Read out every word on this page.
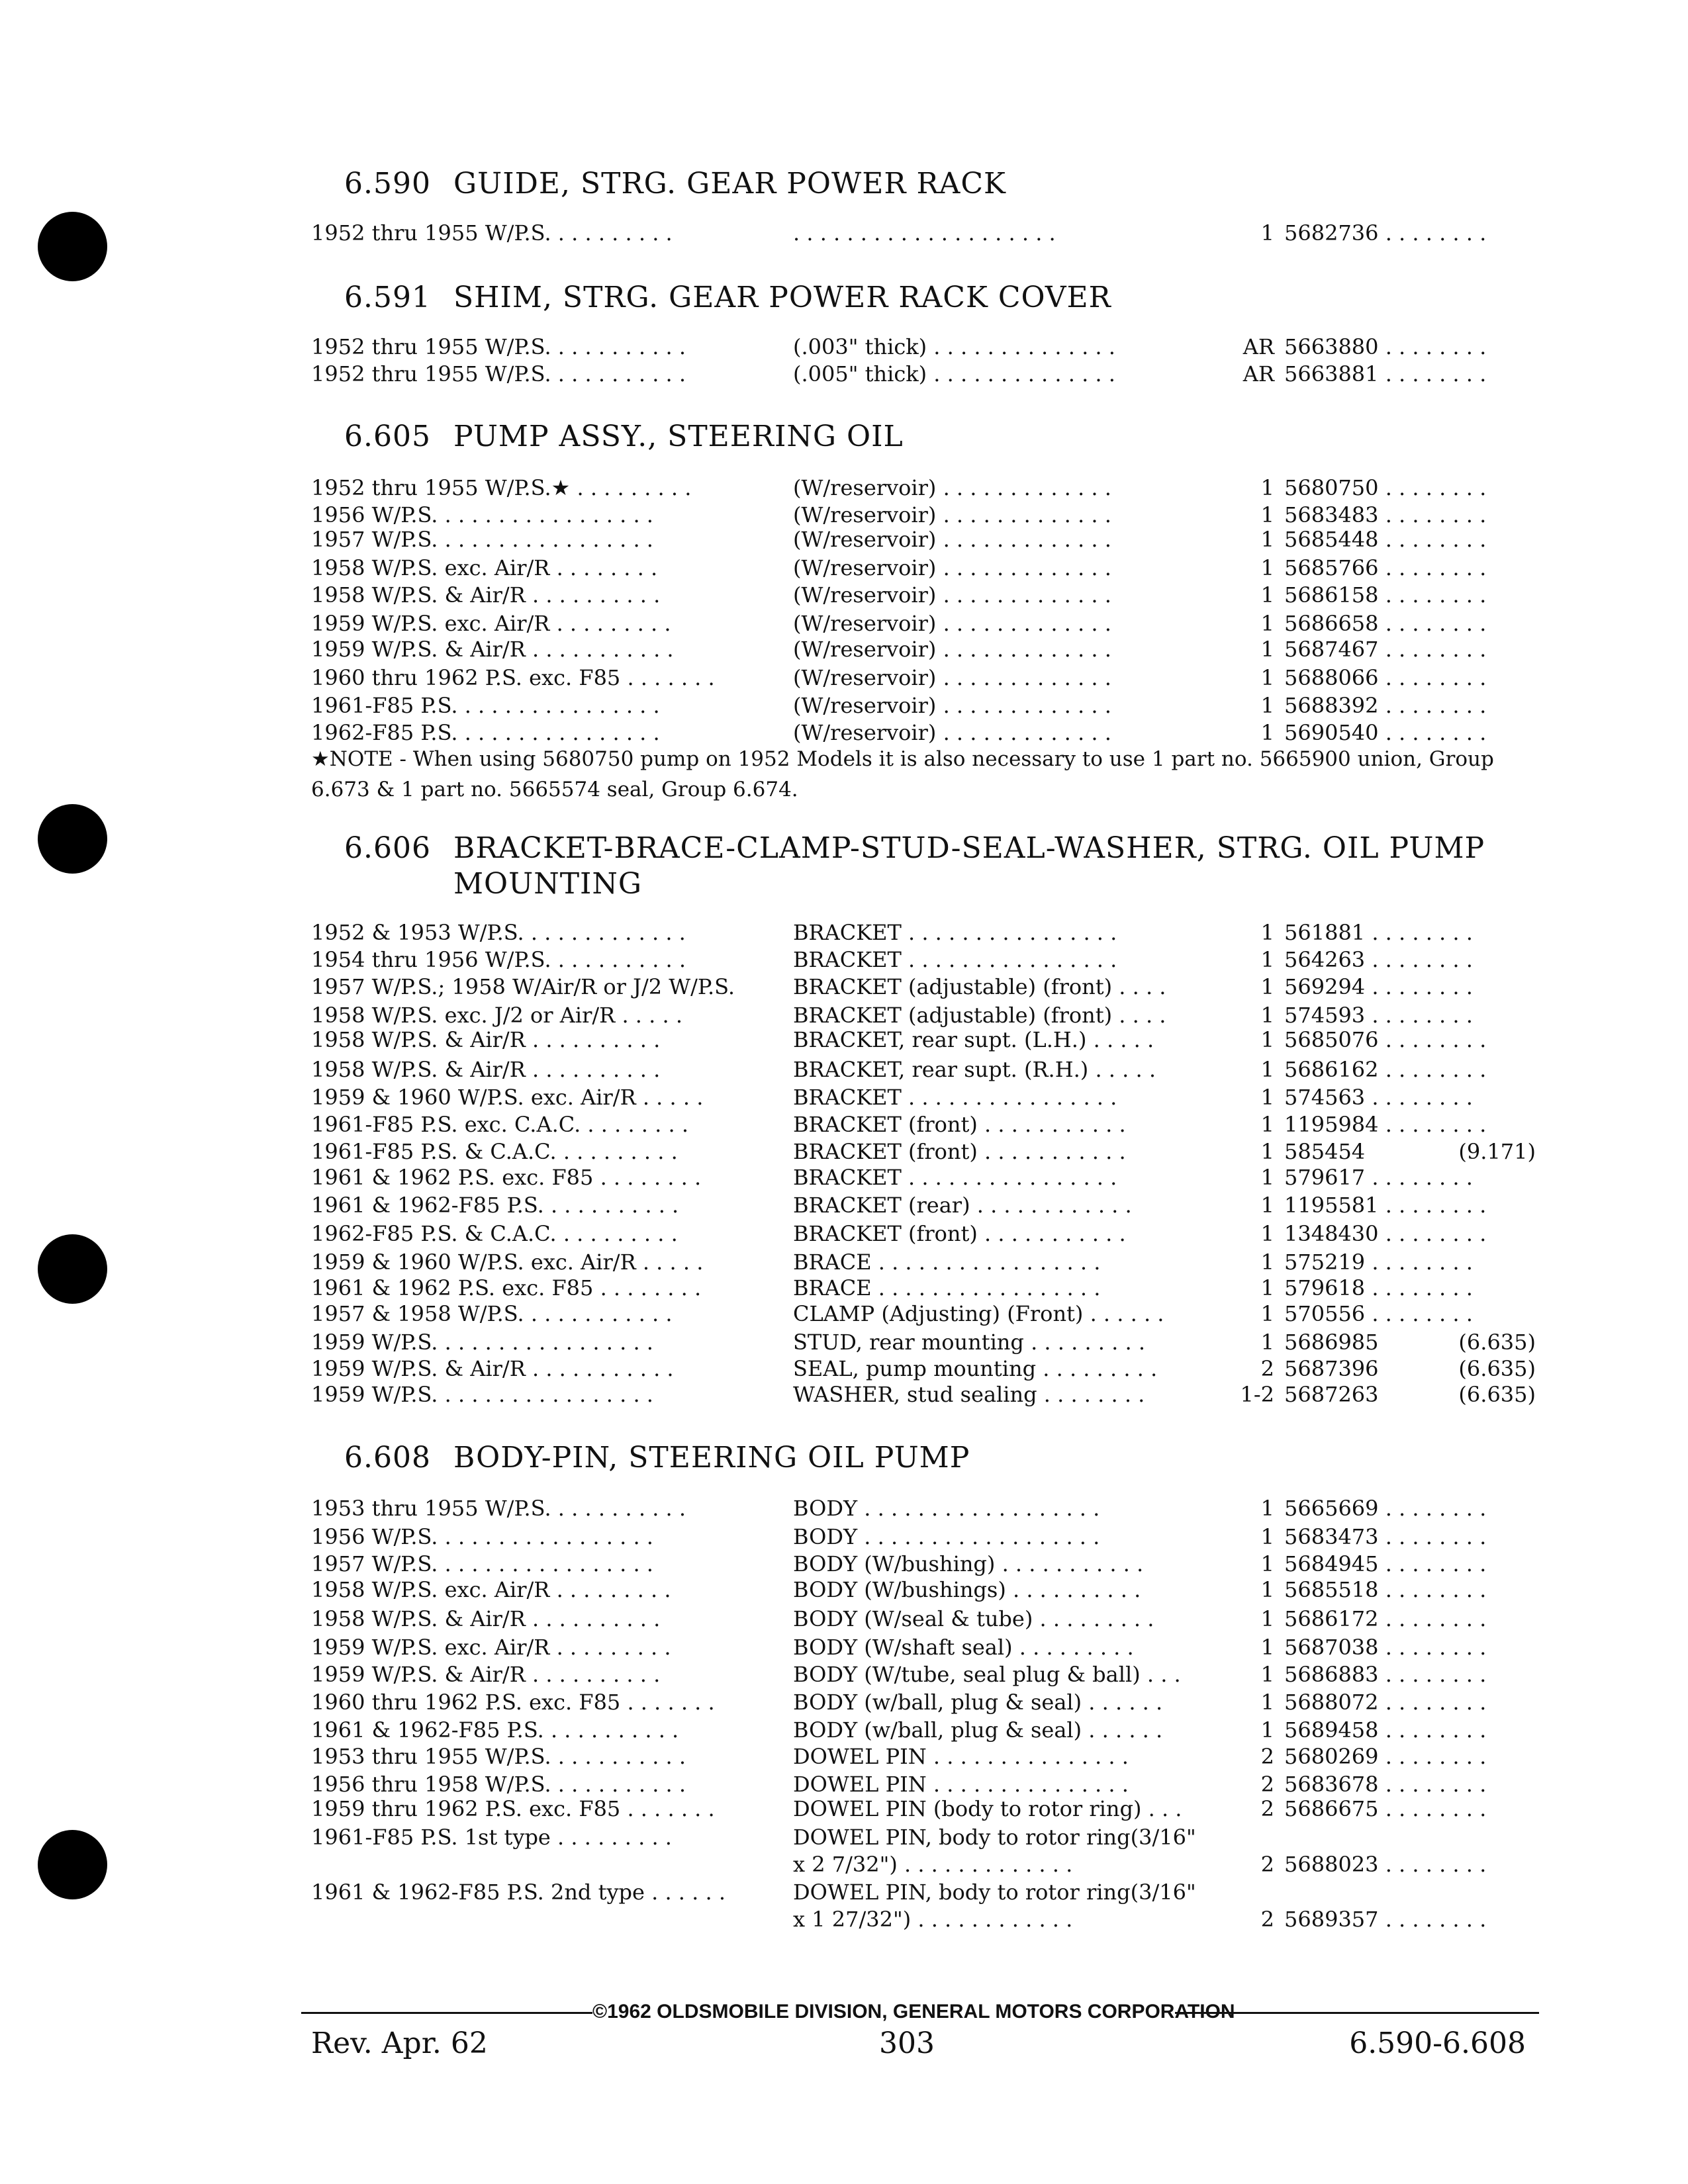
6.590 GUIDE, STRG. GEAR POWER RACK
1952 thru 1955 W/P.S. . . . . . . . . .	. . . . . . . . . . . . . . . . . . . .	1 5682736 . . . . . . . .
6.591 SHIM, STRG. GEAR POWER RACK COVER
1952 thru 1955 W/P.S. . . . . . . . . . .	(.003" thick) . . . . . . . . . . . . . .	AR 5663880 . . . . . . . .
1952 thru 1955 W/P.S. . . . . . . . . . .	(.005" thick) . . . . . . . . . . . . . .	AR 5663881 . . . . . . . .
6.605 PUMP ASSY., STEERING OIL
1952 thru 1955 W/P.S.★ . . . . . . . . .	(W/reservoir) . . . . . . . . . . . . .	1 5680750 . . . . . . . .
1956 W/P.S. . . . . . . . . . . . . . . . .	(W/reservoir) . . . . . . . . . . . . .	1 5683483 . . . . . . . .
1957 W/P.S. . . . . . . . . . . . . . . . .	(W/reservoir) . . . . . . . . . . . . .	1 5685448 . . . . . . . .
1958 W/P.S. exc. Air/R . . . . . . . .	(W/reservoir) . . . . . . . . . . . . .	1 5685766 . . . . . . . .
1958 W/P.S. & Air/R . . . . . . . . . .	(W/reservoir) . . . . . . . . . . . . .	1 5686158 . . . . . . . .
1959 W/P.S. exc. Air/R . . . . . . . . .	(W/reservoir) . . . . . . . . . . . . .	1 5686658 . . . . . . . .
1959 W/P.S. & Air/R . . . . . . . . . . .	(W/reservoir) . . . . . . . . . . . . .	1 5687467 . . . . . . . .
1960 thru 1962 P.S. exc. F85 . . . . . . .	(W/reservoir) . . . . . . . . . . . . .	1 5688066 . . . . . . . .
1961-F85 P.S. . . . . . . . . . . . . . . .	(W/reservoir) . . . . . . . . . . . . .	1 5688392 . . . . . . . .
1962-F85 P.S. . . . . . . . . . . . . . . .	(W/reservoir) . . . . . . . . . . . . .	1 5690540 . . . . . . . .
★NOTE - When using 5680750 pump on 1952 Models it is also necessary to use 1 part no. 5665900 union, Group 6.673 & 1 part no. 5665574 seal, Group 6.674.
6.606 BRACKET-BRACE-CLAMP-STUD-SEAL-WASHER, STRG. OIL PUMP
MOUNTING
1952 & 1953 W/P.S. . . . . . . . . . . . .	BRACKET . . . . . . . . . . . . . . . .	1 561881 . . . . . . . .
1954 thru 1956 W/P.S. . . . . . . . . . .	BRACKET . . . . . . . . . . . . . . . .	1 564263 . . . . . . . .
1957 W/P.S.; 1958 W/Air/R or J/2 W/P.S.	BRACKET (adjustable) (front) . . . .	1 569294 . . . . . . . .
1958 W/P.S. exc. J/2 or Air/R . . . . .	BRACKET (adjustable) (front) . . . .	1 574593 . . . . . . . .
1958 W/P.S. & Air/R . . . . . . . . . .	BRACKET, rear supt. (L.H.) . . . . .	1 5685076 . . . . . . . .
1958 W/P.S. & Air/R . . . . . . . . . .	BRACKET, rear supt. (R.H.) . . . . .	1 5686162 . . . . . . . .
1959 & 1960 W/P.S. exc. Air/R . . . . .	BRACKET . . . . . . . . . . . . . . . .	1 574563 . . . . . . . .
1961-F85 P.S. exc. C.A.C. . . . . . . . .	BRACKET (front) . . . . . . . . . . .	1 1195984 . . . . . . . .
1961-F85 P.S. & C.A.C. . . . . . . . . .	BRACKET (front) . . . . . . . . . . .	1 585454	(9.171)
1961 & 1962 P.S. exc. F85 . . . . . . . .	BRACKET . . . . . . . . . . . . . . . .	1 579617 . . . . . . . .
1961 & 1962-F85 P.S. . . . . . . . . . .	BRACKET (rear) . . . . . . . . . . . .	1 1195581 . . . . . . . .
1962-F85 P.S. & C.A.C. . . . . . . . . .	BRACKET (front) . . . . . . . . . . .	1 1348430 . . . . . . . .
1959 & 1960 W/P.S. exc. Air/R . . . . .	BRACE . . . . . . . . . . . . . . . . .	1 575219 . . . . . . . .
1961 & 1962 P.S. exc. F85 . . . . . . . .	BRACE . . . . . . . . . . . . . . . . .	1 579618 . . . . . . . .
1957 & 1958 W/P.S. . . . . . . . . . . .	CLAMP (Adjusting) (Front) . . . . . .	1 570556 . . . . . . . .
1959 W/P.S. . . . . . . . . . . . . . . . .	STUD, rear mounting . . . . . . . . .	1 5686985	(6.635)
1959 W/P.S. & Air/R . . . . . . . . . . .	SEAL, pump mounting . . . . . . . . .	2 5687396	(6.635)
1959 W/P.S. . . . . . . . . . . . . . . . .	WASHER, stud sealing . . . . . . . .	1-2 5687263	(6.635)
6.608 BODY-PIN, STEERING OIL PUMP
1953 thru 1955 W/P.S. . . . . . . . . . .	BODY . . . . . . . . . . . . . . . . . .	1 5665669 . . . . . . . .
1956 W/P.S. . . . . . . . . . . . . . . . .	BODY . . . . . . . . . . . . . . . . . .	1 5683473 . . . . . . . .
1957 W/P.S. . . . . . . . . . . . . . . . .	BODY (W/bushing) . . . . . . . . . . .	1 5684945 . . . . . . . .
1958 W/P.S. exc. Air/R . . . . . . . . .	BODY (W/bushings) . . . . . . . . . .	1 5685518 . . . . . . . .
1958 W/P.S. & Air/R . . . . . . . . . .	BODY (W/seal & tube) . . . . . . . . .	1 5686172 . . . . . . . .
1959 W/P.S. exc. Air/R . . . . . . . . .	BODY (W/shaft seal) . . . . . . . . .	1 5687038 . . . . . . . .
1959 W/P.S. & Air/R . . . . . . . . . .	BODY (W/tube, seal plug & ball) . . .	1 5686883 . . . . . . . .
1960 thru 1962 P.S. exc. F85 . . . . . . .	BODY (w/ball, plug & seal) . . . . . .	1 5688072 . . . . . . . .
1961 & 1962-F85 P.S. . . . . . . . . . .	BODY (w/ball, plug & seal) . . . . . .	1 5689458 . . . . . . . .
1953 thru 1955 W/P.S. . . . . . . . . . .	DOWEL PIN . . . . . . . . . . . . . . .	2 5680269 . . . . . . . .
1956 thru 1958 W/P.S. . . . . . . . . . .	DOWEL PIN . . . . . . . . . . . . . . .	2 5683678 . . . . . . . .
1959 thru 1962 P.S. exc. F85 . . . . . . .	DOWEL PIN (body to rotor ring) . . .	2 5686675 . . . . . . . .
1961-F85 P.S. 1st type . . . . . . . . .	DOWEL PIN, body to rotor ring(3/16"
x 2 7/32") . . . . . . . . . . . . .	2 5688023 . . . . . . . .
1961 & 1962-F85 P.S. 2nd type . . . . . .	DOWEL PIN, body to rotor ring(3/16"
x 1 27/32") . . . . . . . . . . . .	2 5689357 . . . . . . . .
©1962 OLDSMOBILE DIVISION, GENERAL MOTORS CORPORATION
Rev. Apr. 62	303	6.590-6.608
